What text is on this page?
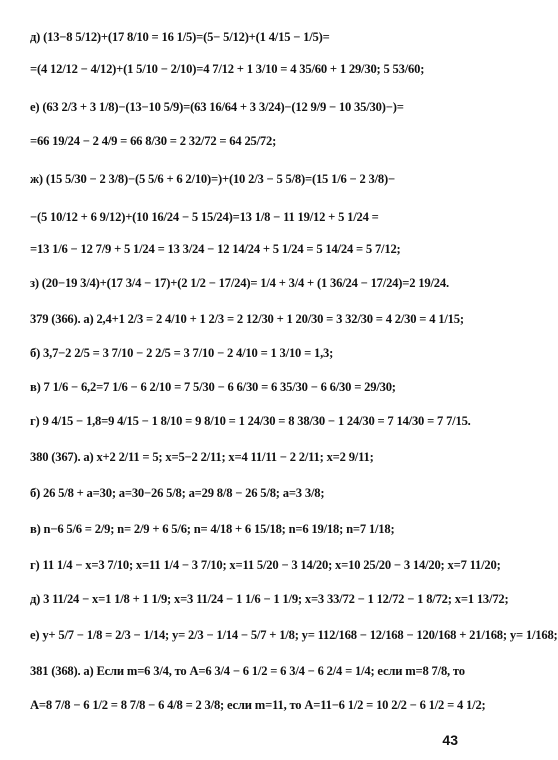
д) (13−8 5/12)+(17 8/10 = 16 1/5)=(5− 5/12)+(1 4/15 − 1/5)=
=(4 12/12 − 4/12)+(1 5/10 − 2/10)=4 7/12 + 1 3/10 = 4 35/60 + 1 29/30; 5 53/60;
е) (63 2/3 + 3 1/8)−(13−10 5/9)=(63 16/64 + 3 3/24)−(12 9/9 − 10 35/30)−)=
=66 19/24 − 2 4/9 = 66 8/30 = 2 32/72 = 64 25/72;
ж) (15 5/30 − 2 3/8)−(5 5/6 + 6 2/10)=)+(10 2/3 − 5 5/8)=(15 1/6 − 2 3/8)−
−(5 10/12 + 6 9/12)+(10 16/24 − 5 15/24)=13 1/8 − 11 19/12 + 5 1/24 =
=13 1/6 − 12 7/9 + 5 1/24 = 13 3/24 − 12 14/24 + 5 1/24 = 5 14/24 = 5 7/12;
з) (20−19 3/4)+(17 3/4 − 17)+(2 1/2 − 17/24)= 1/4 + 3/4 + (1 36/24 − 17/24)=2 19/24.
379 (366). а) 2,4+1 2/3 = 2 4/10 + 1 2/3 = 2 12/30 + 1 20/30 = 3 32/30 = 4 2/30 = 4 1/15;
б) 3,7−2 2/5 = 3 7/10 − 2 2/5 = 3 7/10 − 2 4/10 = 1 3/10 = 1,3;
в) 7 1/6 − 6,2=7 1/6 − 6 2/10 = 7 5/30 − 6 6/30 = 6 35/30 − 6 6/30 = 29/30;
г) 9 4/15 − 1,8=9 4/15 − 1 8/10 = 9 8/10 = 1 24/30 = 8 38/30 − 1 24/30 = 7 14/30 = 7 7/15.
380 (367). а) x+2 2/11 = 5; x=5−2 2/11; x=4 11/11 − 2 2/11; x=2 9/11;
б) 26 5/8 + a=30; a=30−26 5/8; a=29 8/8 − 26 5/8; a=3 3/8;
в) n−6 5/6 = 2/9; n= 2/9 + 6 5/6; n= 4/18 + 6 15/18; n=6 19/18; n=7 1/18;
г) 11 1/4 − x=3 7/10; x=11 1/4 − 3 7/10; x=11 5/20 − 3 14/20; x=10 25/20 − 3 14/20; x=7 11/20;
д) 3 11/24 − x=1 1/8 + 1 1/9; x=3 11/24 − 1 1/6 − 1 1/9; x=3 33/72 − 1 12/72 − 1 8/72; x=1 13/72;
е) y+ 5/7 − 1/8 = 2/3 − 1/14; y= 2/3 − 1/14 − 5/7 + 1/8; y= 112/168 − 12/168 − 120/168 + 21/168; y= 1/168;
381 (368). а) Если m=6 3/4, то A=6 3/4 − 6 1/2 = 6 3/4 − 6 2/4 = 1/4; если m=8 7/8, то
A=8 7/8 − 6 1/2 = 8 7/8 − 6 4/8 = 2 3/8; если m=11, то A=11−6 1/2 = 10 2/2 − 6 1/2 = 4 1/2;
43
